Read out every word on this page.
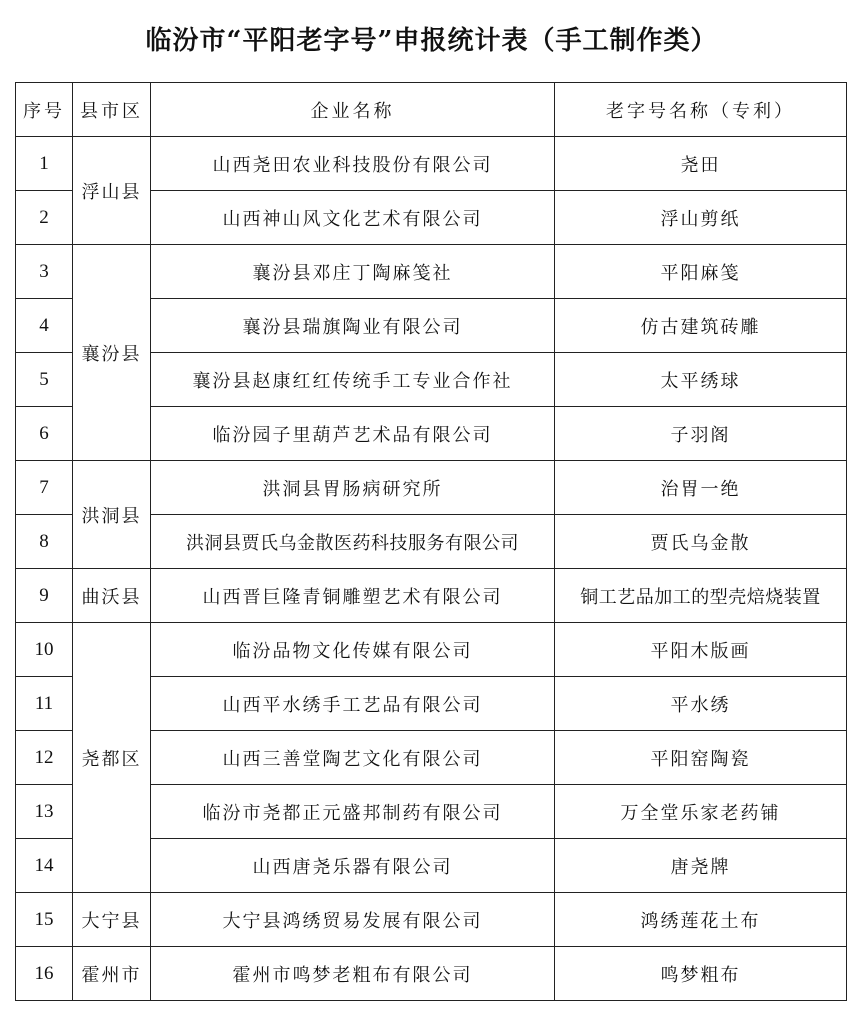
临汾市“平阳老字号”申报统计表（手工制作类）
序号	县市区	企业名称	老字号名称（专利）
1	浮山县	山西尧田农业科技股份有限公司	尧田
2		山西神山风文化艺术有限公司	浮山剪纸
3	襄汾县	襄汾县邓庄丁陶麻笺社	平阳麻笺
4		襄汾县瑞旗陶业有限公司	仿古建筑砖雕
5		襄汾县赵康红红传统手工专业合作社	太平绣球
6		临汾园子里葫芦艺术品有限公司	子羽阁
7	洪洞县	洪洞县胃肠病研究所	治胃一绝
8		洪洞县贾氏乌金散医药科技服务有限公司	贾氏乌金散
9	曲沃县	山西晋巨隆青铜雕塑艺术有限公司	铜工艺品加工的型壳焙烧装置
10	尧都区	临汾品物文化传媒有限公司	平阳木版画
11		山西平水绣手工艺品有限公司	平水绣
12		山西三善堂陶艺文化有限公司	平阳窑陶瓷
13		临汾市尧都正元盛邦制药有限公司	万全堂乐家老药铺
14		山西唐尧乐器有限公司	唐尧牌
15	大宁县	大宁县鸿绣贸易发展有限公司	鸿绣莲花土布
16	霍州市	霍州市鸣梦老粗布有限公司	鸣梦粗布
